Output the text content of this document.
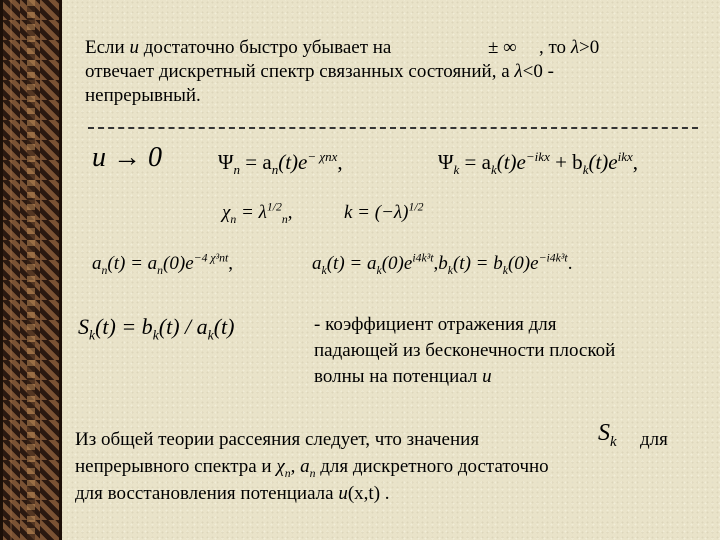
Если u достаточно быстро убывает на	± ∞ , то λ>0
отвечает дискретный спектр связанных состояний, а λ<0 -
непрерывный.
u → 0	$\Psi_n = a_n(t)e^{- \chi nx}$,	$\Psi_k = a_k(t)e^{-ikx} + b_k(t)e^{ikx}$,
$\chi_n = \lambda^{1/2}_n$,	$k = (-\lambda)^{1/2}$
$a_n(t) = a_n(0)e^{-4 \chi^3nt}$,	$a_k(t) = a_k(0)e^{i4k^3t},b_k(t) = b_k(0)e^{-i4k^3t}$.
$S_k(t) = b_k(t) / a_k(t)$	- коэффициент отражения для
падающей из бесконечности плоской
волны на потенциал u
Из общей теории рассеяния следует, что значения	$S_k$ для
непрерывного спектра и $\chi_n$, $a_n$ для дискретного достаточно
для восстановления потенциала u(x,t) .
